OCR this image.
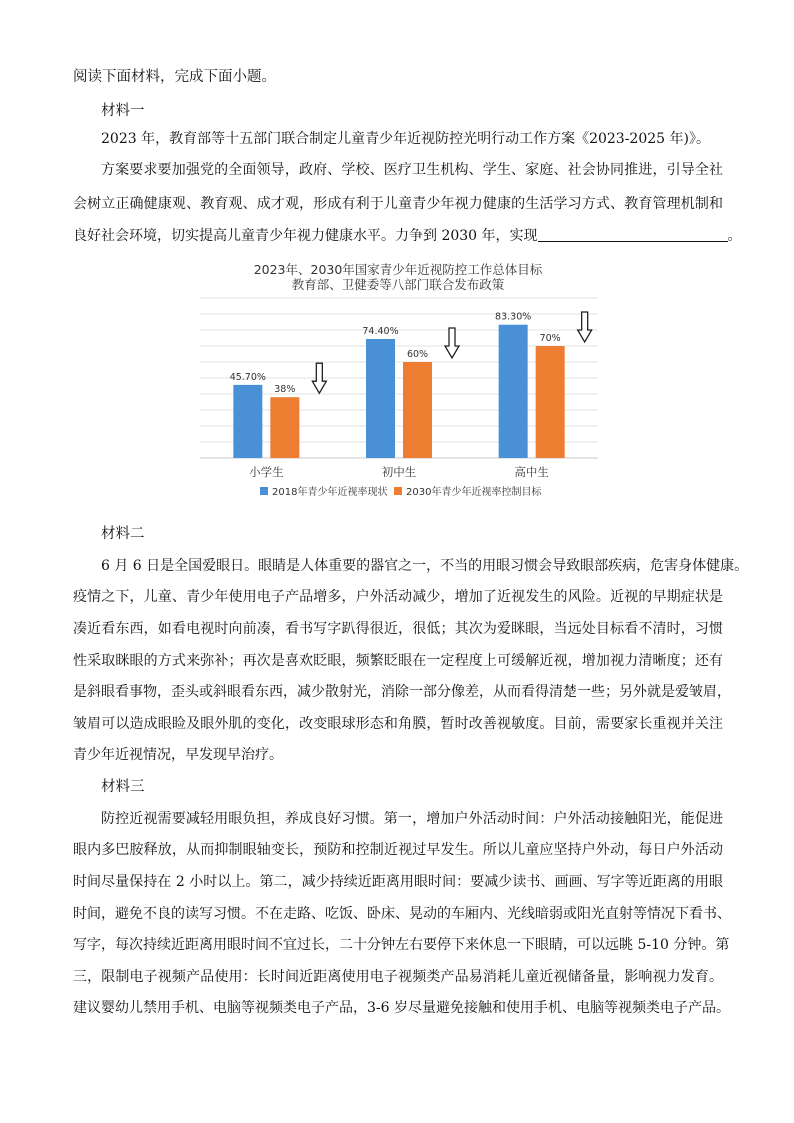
阅读下面材料，完成下面小题。
材料一
2023 年，教育部等十五部门联合制定儿童青少年近视防控光明行动工作方案《2023-2025 年)》。
方案要求要加强党的全面领导，政府、学校、医疗卫生机构、学生、家庭、社会协同推进，引导全社
会树立正确健康观、教育观、成才观，形成有利于儿童青少年视力健康的生活学习方式、教育管理机制和
良好社会环境，切实提高儿童青少年视力健康水平。力争到 2030 年，实现	。
2023年、2030年国家青少年近视防控工作总体目标
教育部、卫健委等八部门联合发布政策
45.70%
38%
74.40%
60%
83.30%
70%
小学生	初中生	高中生
2018年青少年近视率现状 2030年青少年近视率控制目标
材料二
6 月 6 日是全国爱眼日。眼睛是人体重要的器官之一，不当的用眼习惯会导致眼部疾病，危害身体健康。
疫情之下，儿童、青少年使用电子产品增多，户外活动减少，增加了近视发生的风险。近视的早期症状是
凑近看东西，如看电视时向前凑，看书写字趴得很近，很低；其次为爱眯眼，当远处目标看不清时，习惯
性采取眯眼的方式来弥补；再次是喜欢眨眼，频繁眨眼在一定程度上可缓解近视，增加视力清晰度；还有
是斜眼看事物，歪头或斜眼看东西，减少散射光，消除一部分像差，从而看得清楚一些；另外就是爱皱眉，
皱眉可以造成眼睑及眼外肌的变化，改变眼球形态和角膜，暂时改善视敏度。目前，需要家长重视并关注
青少年近视情况，早发现早治疗。
材料三
防控近视需要减轻用眼负担，养成良好习惯。第一，增加户外活动时间：户外活动接触阳光，能促进
眼内多巴胺释放，从而抑制眼轴变长，预防和控制近视过早发生。所以儿童应坚持户外动，每日户外活动
时间尽量保持在 2 小时以上。第二，减少持续近距离用眼时间：要减少读书、画画、写字等近距离的用眼
时间，避免不良的读写习惯。不在走路、吃饭、卧床、晃动的车厢内、光线暗弱或阳光直射等情况下看书、
写字，每次持续近距离用眼时间不宜过长，二十分钟左右要停下来休息一下眼睛，可以远眺 5-10 分钟。第
三，限制电子视频产品使用：长时间近距离使用电子视频类产品易消耗儿童近视储备量，影响视力发育。
建议婴幼儿禁用手机、电脑等视频类电子产品，3-6 岁尽量避免接触和使用手机、电脑等视频类电子产品。
